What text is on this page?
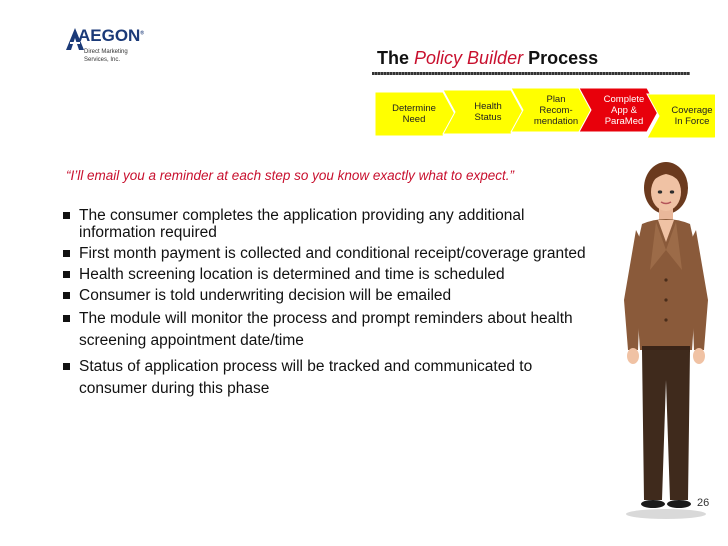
AEGON®
Direct Marketing
Services, Inc.	The Policy Builder Process
Determine
Need
Health
Status
Plan
Recom-
mendation
Complete
App &
ParaMed
Coverage
In Force
“I’ll email you a reminder at each step so you know exactly what to expect.”
The consumer completes the application providing any additional information required
First month payment is collected and conditional receipt/coverage granted
Health screening location is determined and time is scheduled
Consumer is told underwriting decision will be emailed
The module will monitor the process and prompt reminders about health screening appointment date/time
Status of application process will be tracked and communicated to consumer during this phase
26
